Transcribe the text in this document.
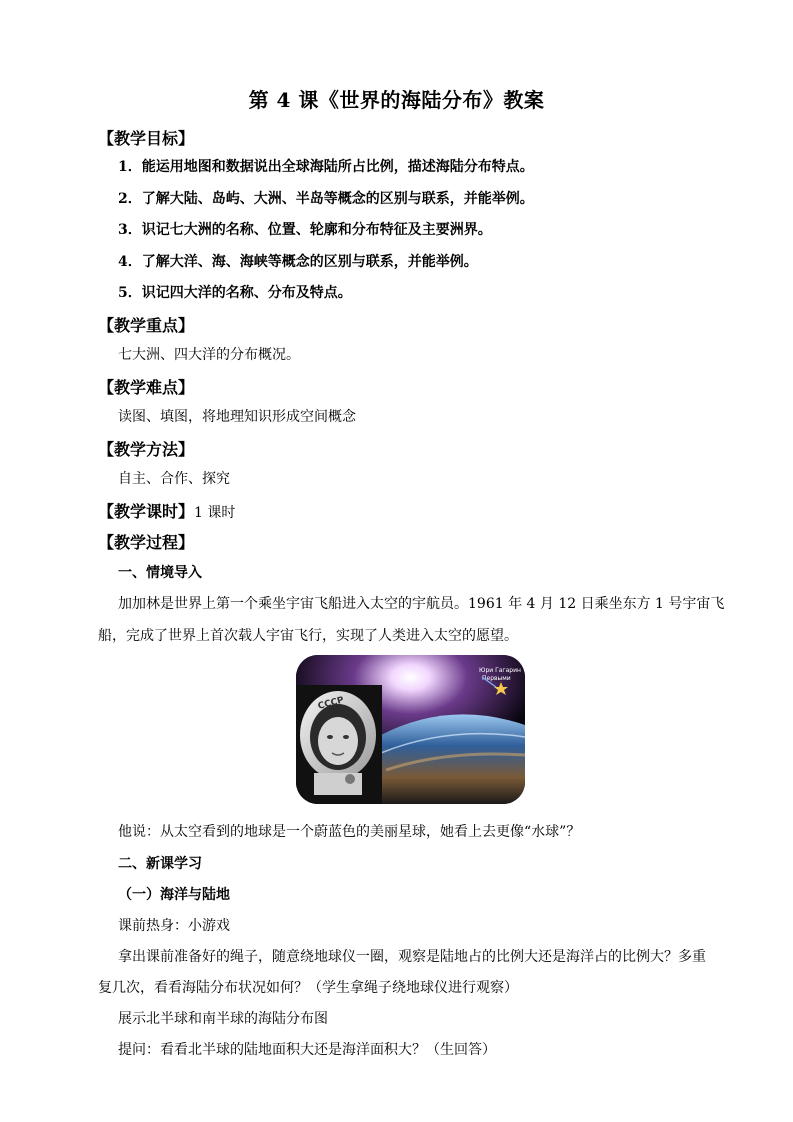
第 4 课《世界的海陆分布》教案
【教学目标】
1．能运用地图和数据说出全球海陆所占比例，描述海陆分布特点。
2．了解大陆、岛屿、大洲、半岛等概念的区别与联系，并能举例。
3．识记七大洲的名称、位置、轮廓和分布特征及主要洲界。
4．了解大洋、海、海峡等概念的区别与联系，并能举例。
5．识记四大洋的名称、分布及特点。
【教学重点】
七大洲、四大洋的分布概况。
【教学难点】
读图、填图，将地理知识形成空间概念
【教学方法】
自主、合作、探究
【教学课时】1 课时
【教学过程】
一、情境导入
加加林是世界上第一个乘坐宇宙飞船进入太空的宇航员。1961 年 4 月 12 日乘坐东方 1 号宇宙飞
船，完成了世界上首次载人宇宙飞行，实现了人类进入太空的愿望。
СССР
Юри Гагарин
Первыми
他说：从太空看到的地球是一个蔚蓝色的美丽星球，她看上去更像“水球”？
二、新课学习
（一）海洋与陆地
课前热身：小游戏
拿出课前准备好的绳子，随意绕地球仪一圈，观察是陆地占的比例大还是海洋占的比例大？多重
复几次，看看海陆分布状况如何？（学生拿绳子绕地球仪进行观察）
展示北半球和南半球的海陆分布图
提问：看看北半球的陆地面积大还是海洋面积大？（生回答）
